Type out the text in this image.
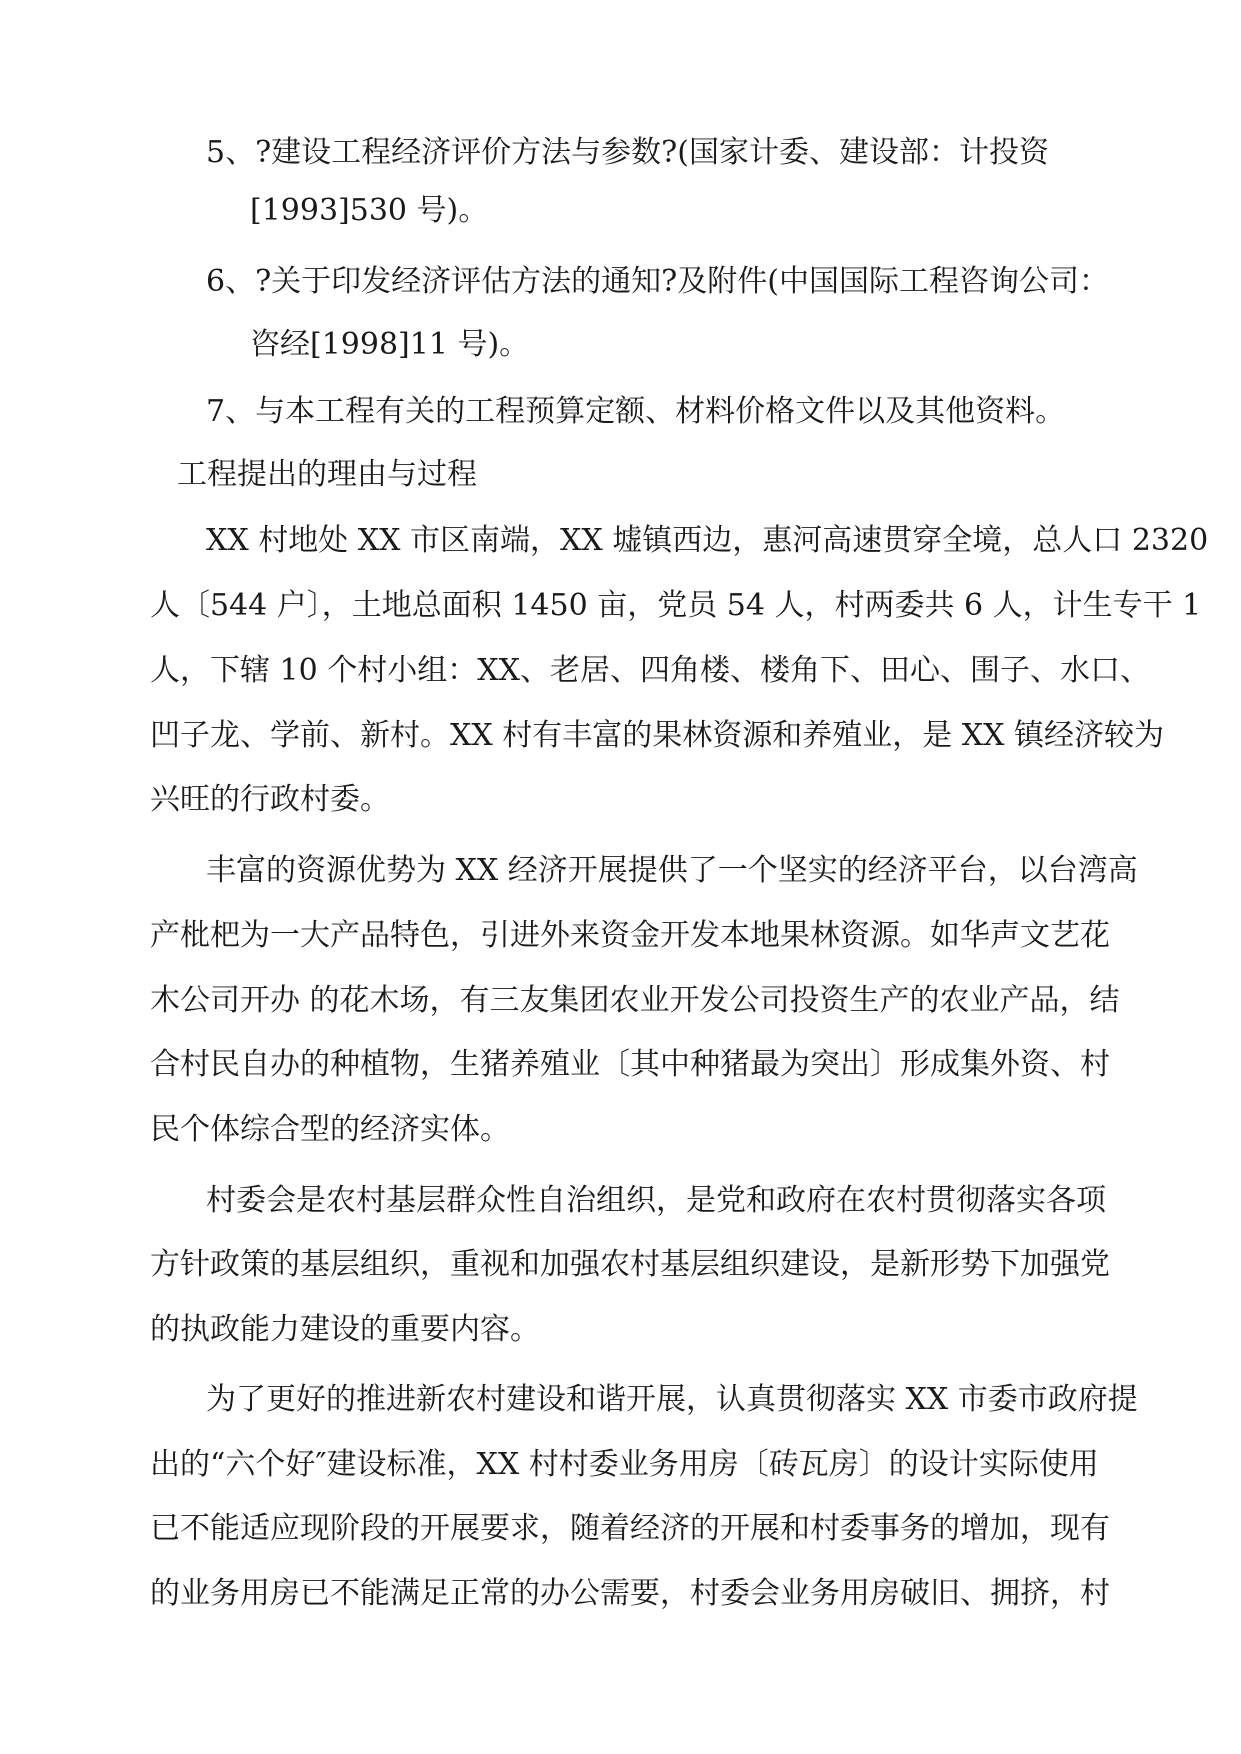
5、?建设工程经济评价方法与参数?(国家计委、建设部：计投资
[1993]530 号)。
6、?关于印发经济评估方法的通知?及附件(中国国际工程咨询公司：
咨经[1998]11 号)。
7、与本工程有关的工程预算定额、材料价格文件以及其他资料。
工程提出的理由与过程
XX 村地处 XX 市区南端，XX 墟镇西边，惠河高速贯穿全境，总人口 2320
人〔544 户〕，土地总面积 1450 亩，党员 54 人，村两委共 6 人，计生专干 1
人，下辖 10 个村小组：XX、老居、四角楼、楼角下、田心、围子、水口、
凹子龙、学前、新村。XX 村有丰富的果林资源和养殖业，是 XX 镇经济较为
兴旺的行政村委。
丰富的资源优势为 XX 经济开展提供了一个坚实的经济平台，以台湾高
产枇杷为一大产品特色，引进外来资金开发本地果林资源。如华声文艺花
木公司开办 的花木场，有三友集团农业开发公司投资生产的农业产品，结
合村民自办的种植物，生猪养殖业〔其中种猪最为突出〕形成集外资、村
民个体综合型的经济实体。
村委会是农村基层群众性自治组织，是党和政府在农村贯彻落实各项
方针政策的基层组织，重视和加强农村基层组织建设，是新形势下加强党
的执政能力建设的重要内容。
为了更好的推进新农村建设和谐开展，认真贯彻落实 XX 市委市政府提
出的“六个好″建设标准，XX 村村委业务用房〔砖瓦房〕的设计实际使用
已不能适应现阶段的开展要求，随着经济的开展和村委事务的增加，现有
的业务用房已不能满足正常的办公需要，村委会业务用房破旧、拥挤，村
